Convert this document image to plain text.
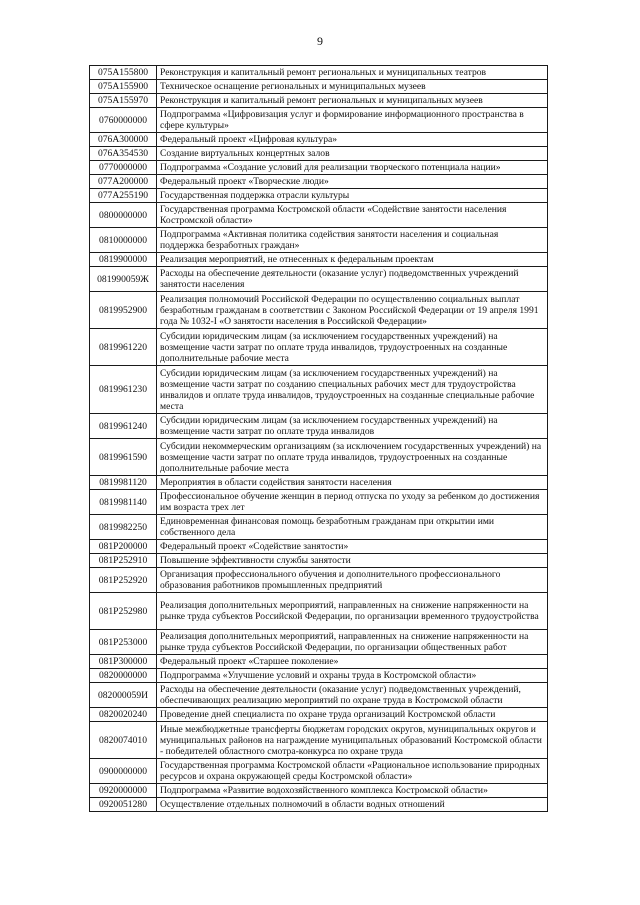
9
075A155800	Реконструкция и капитальный ремонт региональных и муниципальных театров
075A155900	Техническое оснащение региональных и муниципальных музеев
075A155970	Реконструкция и капитальный ремонт региональных и муниципальных музеев
0760000000	Подпрограмма «Цифровизация услуг и формирование информационного пространства в сфере культуры»
076A300000	Федеральный проект «Цифровая культура»
076A354530	Создание виртуальных концертных залов
0770000000	Подпрограмма «Создание условий для реализации творческого потенциала нации»
077A200000	Федеральный проект «Творческие люди»
077A255190	Государственная поддержка отрасли культуры
0800000000	Государственная программа Костромской области «Содействие занятости населения Костромской области»
0810000000	Подпрограмма «Активная политика содействия занятости населения и социальная поддержка безработных граждан»
0819900000	Реализация мероприятий, не отнесенных к федеральным проектам
081990059Ж	Расходы на обеспечение деятельности (оказание услуг) подведомственных учреждений занятости населения
0819952900	Реализация полномочий Российской Федерации по осуществлению социальных выплат безработным гражданам в соответствии с Законом Российской Федерации от 19 апреля 1991 года № 1032-I «О занятости населения в Российской Федерации»
0819961220	Субсидии юридическим лицам (за исключением государственных учреждений) на возмещение части затрат по оплате труда инвалидов, трудоустроенных на созданные дополнительные рабочие места
0819961230	Субсидии юридическим лицам (за исключением государственных учреждений) на возмещение части затрат по созданию специальных рабочих мест для трудоустройства инвалидов и оплате труда инвалидов, трудоустроенных на созданные специальные рабочие места
0819961240	Субсидии юридическим лицам (за исключением государственных учреждений) на возмещение части затрат по оплате труда инвалидов
0819961590	Субсидии некоммерческим организациям (за исключением государственных учреждений) на возмещение части затрат по оплате труда инвалидов, трудоустроенных на созданные дополнительные рабочие места
0819981120	Мероприятия в области содействия занятости населения
0819981140	Профессиональное обучение женщин в период отпуска по уходу за ребенком до достижения им возраста трех лет
0819982250	Единовременная финансовая помощь безработным гражданам при открытии ими собственного дела
081P200000	Федеральный проект «Содействие занятости»
081P252910	Повышение эффективности службы занятости
081P252920	Организация профессионального обучения и дополнительного профессионального образования работников промышленных предприятий
081P252980	Реализация дополнительных мероприятий, направленных на снижение напряженности на рынке труда субъектов Российской Федерации, по организации временного трудоустройства
081P253000	Реализация дополнительных мероприятий, направленных на снижение напряженности на рынке труда субъектов Российской Федерации, по организации общественных работ
081P300000	Федеральный проект «Старшее поколение»
0820000000	Подпрограмма «Улучшение условий и охраны труда в Костромской области»
082000059И	Расходы на обеспечение деятельности (оказание услуг) подведомственных учреждений, обеспечивающих реализацию мероприятий по охране труда в Костромской области
0820020240	Проведение дней специалиста по охране труда организаций Костромской области
0820074010	Иные межбюджетные трансферты бюджетам городских округов, муниципальных округов и муниципальных районов на награждение муниципальных образований Костромской области - победителей областного смотра-конкурса по охране труда
0900000000	Государственная программа Костромской области «Рациональное использование природных ресурсов и охрана окружающей среды Костромской области»
0920000000	Подпрограмма «Развитие водохозяйственного комплекса Костромской области»
0920051280	Осуществление отдельных полномочий в области водных отношений
